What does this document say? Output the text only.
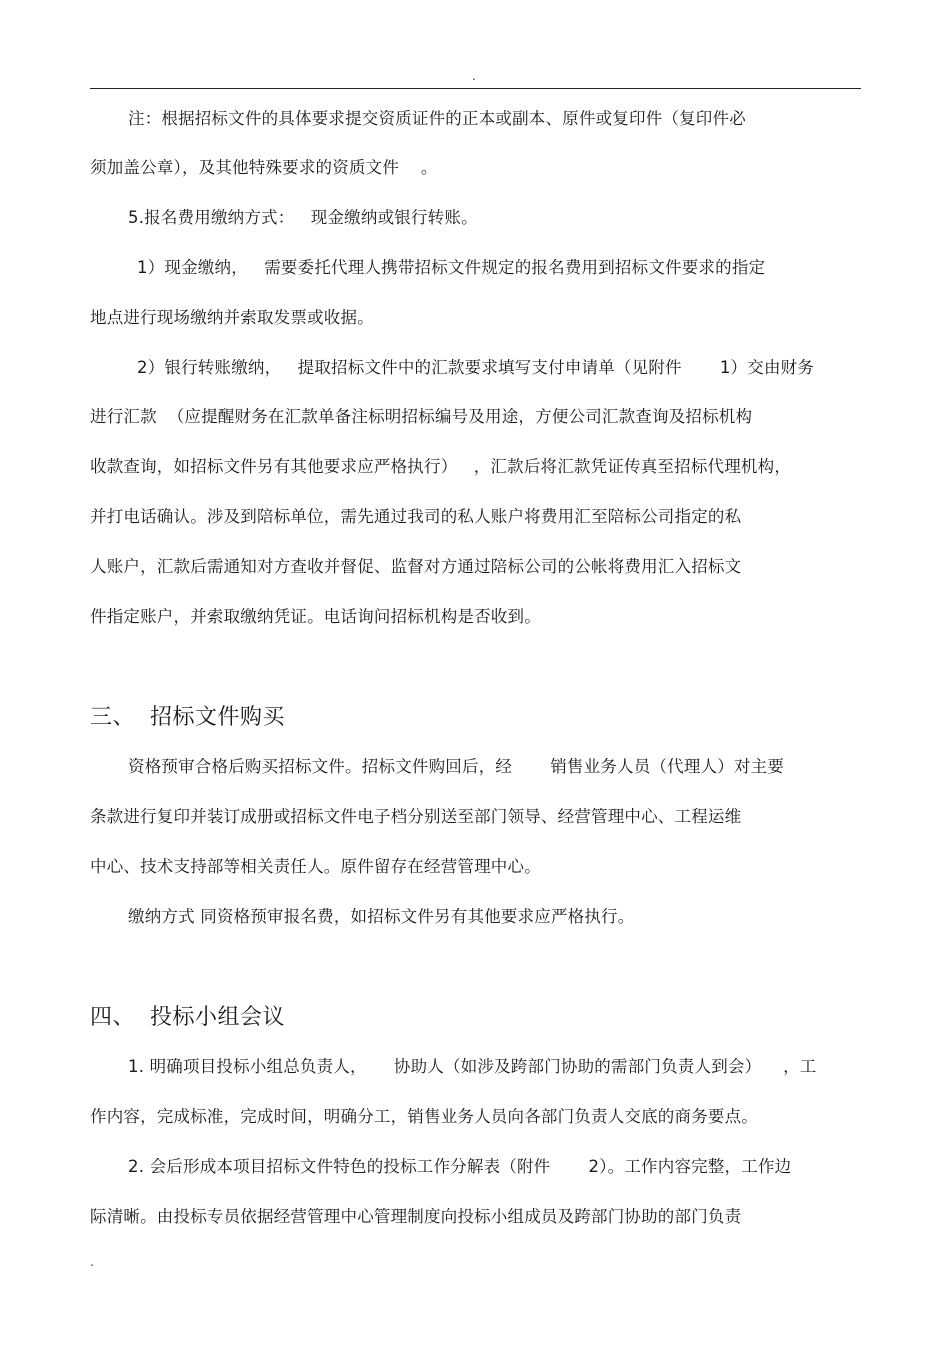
.
注：根据招标文件的具体要求提交资质证件的正本或副本、原件或复印件（复印件必
须加盖公章），及其他特殊要求的资质文件    。
5.报名费用缴纳方式：   现金缴纳或银行转账。
1）现金缴纳，   需要委托代理人携带招标文件规定的报名费用到招标文件要求的指定
地点进行现场缴纳并索取发票或收据。
2）银行转账缴纳，   提取招标文件中的汇款要求填写支付申请单（见附件       1）交由财务
进行汇款  （应提醒财务在汇款单备注标明招标编号及用途，方便公司汇款查询及招标机构
收款查询，如招标文件另有其他要求应严格执行）   ，汇款后将汇款凭证传真至招标代理机构，
并打电话确认。涉及到陪标单位，需先通过我司的私人账户将费用汇至陪标公司指定的私
人账户，汇款后需通知对方查收并督促、监督对方通过陪标公司的公帐将费用汇入招标文
件指定账户，并索取缴纳凭证。电话询问招标机构是否收到。
三、  招标文件购买
资格预审合格后购买招标文件。招标文件购回后，经       销售业务人员（代理人）对主要
条款进行复印并装订成册或招标文件电子档分别送至部门领导、经营管理中心、工程运维
中心、技术支持部等相关责任人。原件留存在经营管理中心。
缴纳方式 同资格预审报名费，如招标文件另有其他要求应严格执行。
四、  投标小组会议
1. 明确项目投标小组总负责人，     协助人（如涉及跨部门协助的需部门负责人到会）    ，工
作内容，完成标准，完成时间，明确分工，销售业务人员向各部门负责人交底的商务要点。
2. 会后形成本项目招标文件特色的投标工作分解表（附件       2）。工作内容完整，工作边
际清晰。由投标专员依据经营管理中心管理制度向投标小组成员及跨部门协助的部门负责
.
